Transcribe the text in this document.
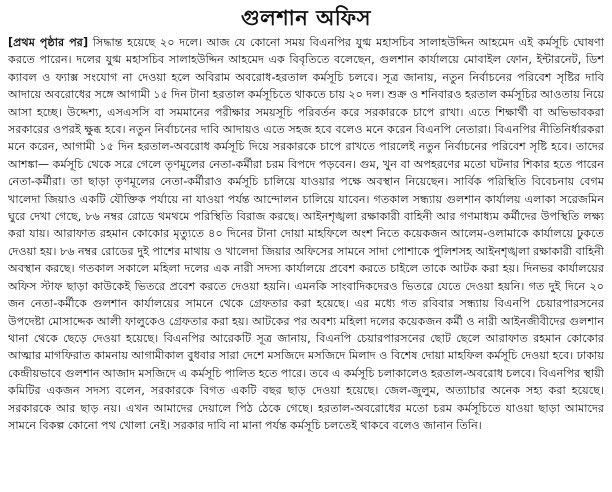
গুলশান অফিস

[প্রথম পৃষ্ঠার পর] সিদ্ধান্ত হয়েছে ২০ দলে। আজ যে কোনো সময় বিএনপির যুগ্ম মহাসচিব সালাহউদ্দিন আহমেদ এই কর্মসূচি ঘোষণা করতে পারেন। দলের যুগ্ম মহাসচিব সালাহউদ্দিন আহমেদ এক বিবৃতিতে বলেছেন, গুলশান কার্যালয়ে মোবাইল ফোন, ইন্টারনেট, ডিশ ক্যাবল ও ফ্যাক্স সংযোগ না দেওয়া হলে অবিরাম অবরোধ-হরতাল কর্মসূচি চলবে। সূত্র জানায়, নতুন নির্বাচনের পরিবেশ সৃষ্টির দাবি আদায়ে অবরোধের সঙ্গে আগামী ১৫ দিন টানা হরতাল কর্মসূচিতে থাকতে চায় ২০ দল। শুক্র ও শনিবারও হরতাল কর্মসূচির আওতায় নিয়ে আসা হচ্ছে। উদ্দেশ্য, এসএসসি বা সমমানের পরীক্ষার সময়সূচি পরিবর্তন করে সরকারকে চাপে রাখা। এতে শিক্ষার্থী বা অভিভাবকরা সরকারের ওপরই ক্ষুব্ধ হবে। নতুন নির্বাচনের দাবি আদায়ও এতে সহজ হবে বলেও মনে করেন বিএনপি নেতারা। বিএনপির নীতিনির্ধারকরা মনে করেন, আগামী ১৫ দিন হরতাল-অবরোধ কর্মসূচি দিয়ে সরকারকে চাপে রাখতে পারলেই নতুন নির্বাচনের পরিবেশ সৃষ্টি হবে। তাদের আশঙ্কা— কর্মসূচি থেকে সরে গেলে তৃণমূলের নেতা-কর্মীরা চরম বিপদে পড়বেন। গুম, খুন বা অপহরণের মতো ঘটনার শিকার হতে পারেন নেতা-কর্মীরা। তা ছাড়া তৃণমূলের নেতা-কর্মীরাও কর্মসূচি চালিয়ে যাওয়ার পক্ষে অবস্থান নিয়েছেন। সার্বিক পরিস্থিতি বিবেচনায় বেগম খালেদা জিয়াও একটি যৌক্তিক পর্যায়ে না যাওয়া পর্যন্ত আন্দোলন চালিয়ে যাবেন। গতকাল সন্ধ্যায় গুলশান কার্যালয় এলাকা সরেজমিন ঘুরে দেখা গেছে, ৮৬ নম্বর রোডে থমথমে পরিস্থিতি বিরাজ করছে। আইনশৃঙ্খলা রক্ষাকারী বাহিনী আর গণমাধ্যম কর্মীদের উপস্থিতি লক্ষ্য করা যায়। আরাফাত রহমান কোকোর মৃত্যুতে ৪০ দিনের টানা দোয়া মাহফিলে অংশ নিতে কয়েকজন আলেম-ওলামাকে কার্যালয়ে ঢুকতে দেওয়া হয়। ৮৬ নম্বর রোডের দুই পাশের মাথায় ও খালেদা জিয়ার অফিসের সামনে সাদা পোশাকে পুলিশসহ আইনশৃঙ্খলা রক্ষাকারী বাহিনী অবস্থান করছে। গতকাল সকালে মহিলা দলের এক নারী সদস্য কার্যালয়ে প্রবেশ করতে চাইলে তাকে আটক করা হয়। দিনভর কার্যালয়ের অফিস স্টাফ ছাড়া কাউকেই ভিতরে প্রবেশ করতে দেওয়া হয়নি। এমনকি সাংবাদিকদেরও ভিতরে যেতে দেওয়া হয়নি। গত দুই দিনে ২০ জন নেতা-কর্মীকে গুলশান কার্যালয়ের সামনে থেকে গ্রেফতার করা হয়েছে। এর মধ্যে গত রবিবার সন্ধ্যায় বিএনপি চেয়ারপারসনের উপদেষ্টা মোসাদ্দেক আলী ফালুকেও গ্রেফতার করা হয়। আটকের পর অবশ্য মহিলা দলের কয়েকজন কর্মী ও নারী আইনজীবীদের গুলশান থানা থেকে ছেড়ে দেওয়া হয়েছে। বিএনপির আরেকটি সূত্র জানায়, বিএনপি চেয়ারপারসনের ছোট ছেলে আরাফাত রহমান কোকোর আত্মার মাগফিরাত কামনায় আগামীকাল বুধবার সারা দেশে মসজিদে মসজিদে মিলাদ ও বিশেষ দোয়া মাহফিল কর্মসূচি দেওয়া হবে। ঢাকায় কেন্দ্রীয়ভাবে গুলশান আজাদ মসজিদে এ কর্মসূচি পালিত হতে পারে। তবে এ কর্মসূচি চলাকালেও হরতাল-অবরোধ চলবে। বিএনপির স্থায়ী কমিটির একজন সদস্য বলেন, সরকারকে বিগত একটি বছর ছাড় দেওয়া হয়েছে। জেল-জুলুম, অত্যাচার অনেক সহ্য করা হয়েছে। সরকারকে আর ছাড় নয়। এখন আমাদের দেয়ালে পিঠ ঠেকে গেছে। হরতাল-অবরোধের মতো চরম কর্মসূচিতে যাওয়া ছাড়া আমাদের সামনে বিকল্প কোনো পথ খোলা নেই। সরকার দাবি না মানা পর্যন্ত কর্মসূচি চলতেই থাকবে বলেও জানান তিনি।
